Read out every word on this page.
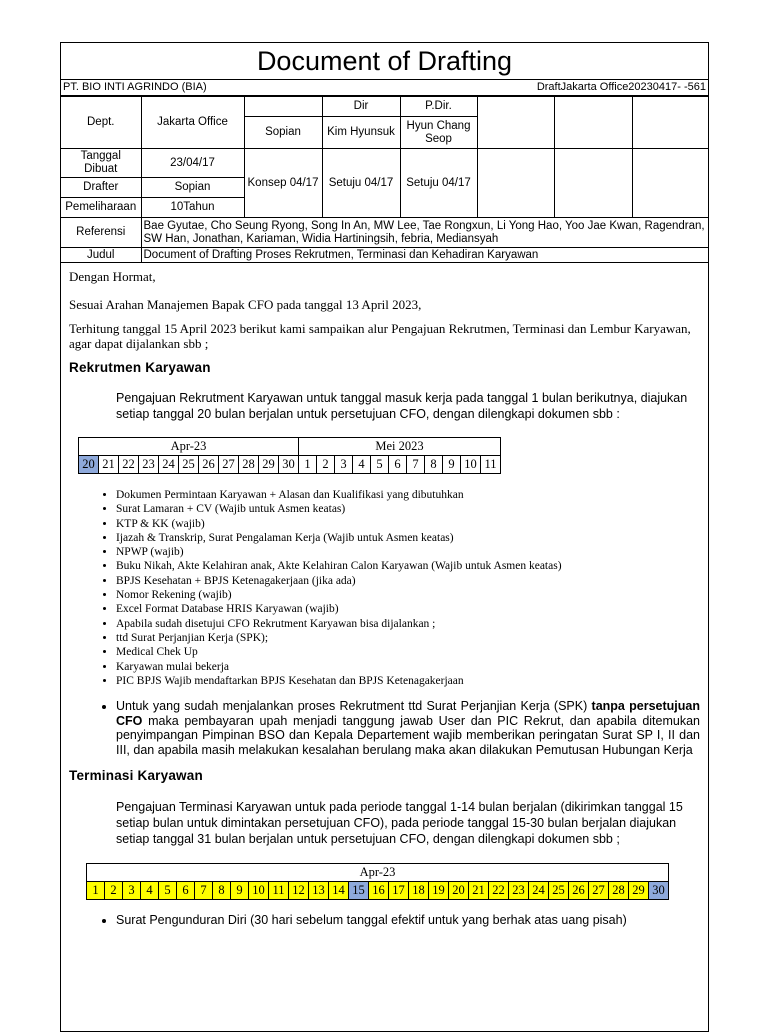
Document of Drafting
PT. BIO INTI AGRINDO (BIA)	DraftJakarta Office20230417- -561
Dept.	Jakarta Office		Dir	P.Dir.			
		Sopian	Kim Hyunsuk	Hyun Chang Seop			
Tanggal Dibuat	23/04/17	Konsep 04/17	Setuju 04/17	Setuju 04/17			
Drafter	Sopian						
Pemeliharaan	10Tahun						
Referensi	Bae Gyutae, Cho Seung Ryong, Song In An, MW Lee, Tae Rongxun, Li Yong Hao, Yoo Jae Kwan, Ragendran, SW Han, Jonathan, Kariaman, Widia Hartiningsih, febria, Mediansyah						
Judul	Document of Drafting Proses Rekrutmen, Terminasi dan Kehadiran Karyawan						

Dengan Hormat,

Sesuai Arahan Manajemen Bapak CFO pada tanggal 13 April 2023,

Terhitung tanggal 15 April 2023 berikut kami sampaikan alur Pengajuan Rekrutmen, Terminasi dan Lembur Karyawan, agar dapat dijalankan sbb ;

Rekrutmen Karyawan

Pengajuan Rekrutment Karyawan untuk tanggal masuk kerja pada tanggal 1 bulan berikutnya, diajukan setiap tanggal 20 bulan berjalan untuk persetujuan CFO, dengan dilengkapi dokumen sbb :

Apr-23											Mei 2023										
20	21	22	23	24	25	26	27	28	29	30	1	2	3	4	5	6	7	8	9	10	11
• Dokumen Permintaan Karyawan + Alasan dan Kualifikasi yang dibutuhkan
• Surat Lamaran + CV (Wajib untuk Asmen keatas)
• KTP & KK (wajib)
• Ijazah & Transkrip, Surat Pengalaman Kerja (Wajib untuk Asmen keatas)
• NPWP (wajib)
• Buku Nikah, Akte Kelahiran anak, Akte Kelahiran Calon Karyawan (Wajib untuk Asmen keatas)
• BPJS Kesehatan + BPJS Ketenagakerjaan (jika ada)
• Nomor Rekening (wajib)
• Excel Format Database HRIS Karyawan (wajib)
• Apabila sudah disetujui CFO Rekrutment Karyawan bisa dijalankan ;
• ttd Surat Perjanjian Kerja (SPK);
• Medical Chek Up
• Karyawan mulai bekerja
• PIC BPJS Wajib mendaftarkan BPJS Kesehatan dan BPJS Ketenagakerjaan
• Untuk yang sudah menjalankan proses Rekrutment ttd Surat Perjanjian Kerja (SPK) tanpa persetujuan CFO maka pembayaran upah menjadi tanggung jawab User dan PIC Rekrut, dan apabila ditemukan penyimpangan Pimpinan BSO dan Kepala Departement wajib memberikan peringatan Surat SP I, II dan III, dan apabila masih melakukan kesalahan berulang maka akan dilakukan Pemutusan Hubungan Kerja
Terminasi Karyawan

Pengajuan Terminasi Karyawan untuk pada periode tanggal 1-14 bulan berjalan (dikirimkan tanggal 15 setiap bulan untuk dimintakan persetujuan CFO), pada periode tanggal 15-30 bulan berjalan diajukan setiap tanggal 31 bulan berjalan untuk persetujuan CFO, dengan dilengkapi dokumen sbb ;

Apr-23
1	2	3	4	5	6	7	8	9	10	11	12	13	14	15	16	17	18	19	20	21	22	23	24	25	26	27	28	29	30
• Surat Pengunduran Diri (30 hari sebelum tanggal efektif untuk yang berhak atas uang pisah)
